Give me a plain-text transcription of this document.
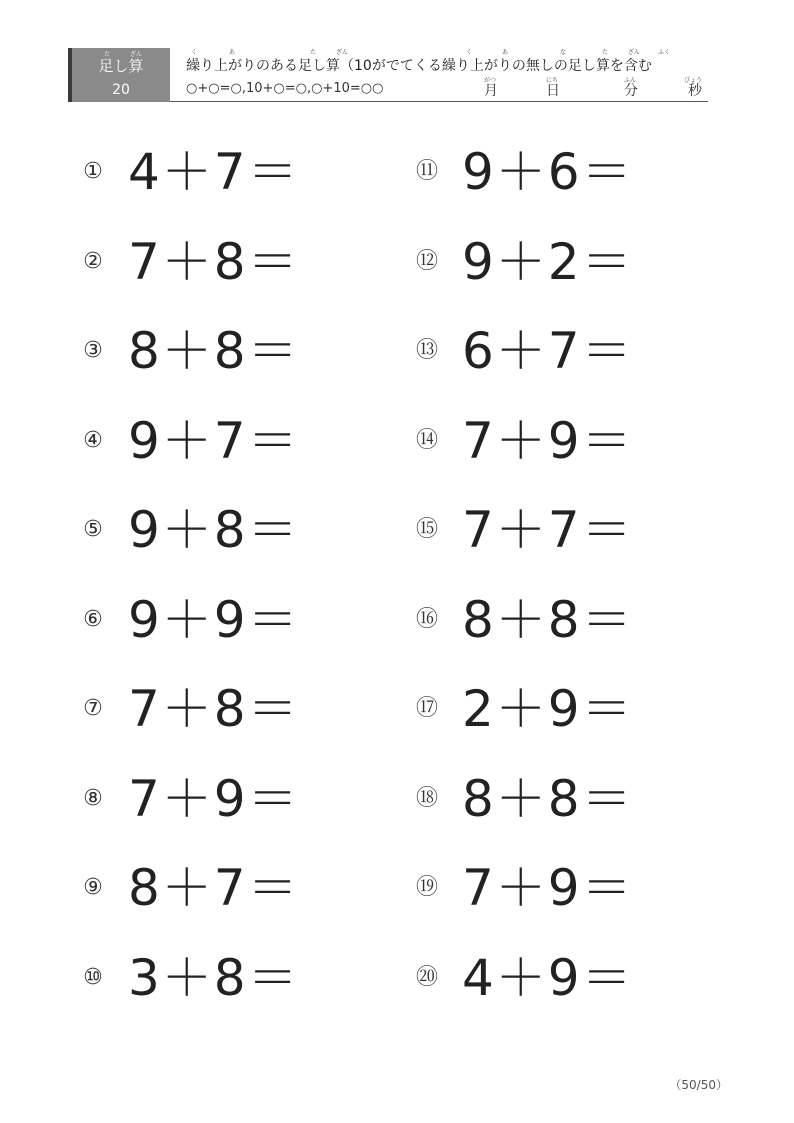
た	ざん
足し算
20
く	あ	た	ざん	く	あ	な	た	ざん	ふく
繰り上がりのある足し算（10がでてくる繰り上がりの無しの足し算を含む
○+○=○,10+○=○,○+10=○○
がつ
月
にち
日
ふん
分
びょう
秒
① 4＋7＝
② 7＋8＝
③ 8＋8＝
④ 9＋7＝
⑤ 9＋8＝
⑥ 9＋9＝
⑦ 7＋8＝
⑧ 7＋9＝
⑨ 8＋7＝
⑩ 3＋8＝
⑪ 9＋6＝
⑫ 9＋2＝
⑬ 6＋7＝
⑭ 7＋9＝
⑮ 7＋7＝
⑯ 8＋8＝
⑰ 2＋9＝
⑱ 8＋8＝
⑲ 7＋9＝
⑳ 4＋9＝
（50/50）
